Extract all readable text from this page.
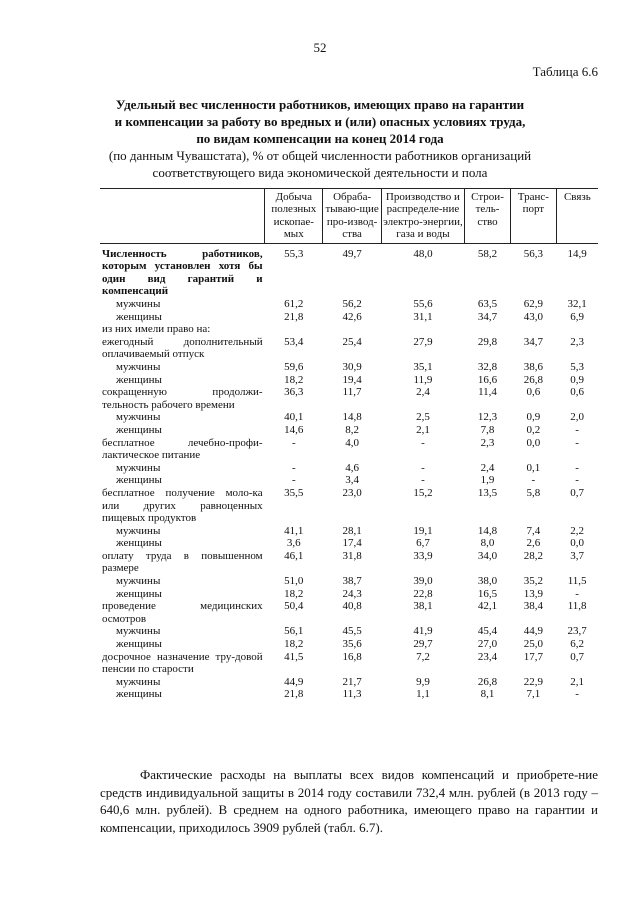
52
Таблица 6.6
Удельный вес численности работников, имеющих право на гарантии
и компенсации за работу во вредных и (или) опасных условиях труда,
по видам компенсации на конец 2014 года
(по данным Чувашстата), % от общей численности работников организаций
соответствующего вида экономической деятельности и пола
	Добыча полезных ископае-мых	Обраба-тываю-щие про-извод-ства	Производство и распределе-ние электро-энергии, газа и воды	Строи-тель-ство	Транс-порт	Связь
Численность работников, которым установлен хотя бы один вид гарантий и компенсаций	55,3	49,7	48,0	58,2	56,3	14,9
мужчины	61,2	56,2	55,6	63,5	62,9	32,1
женщины	21,8	42,6	31,1	34,7	43,0	6,9
из них имели право на:						
ежегодный дополнительный оплачиваемый отпуск	53,4	25,4	27,9	29,8	34,7	2,3
мужчины	59,6	30,9	35,1	32,8	38,6	5,3
женщины	18,2	19,4	11,9	16,6	26,8	0,9
сокращенную продолжи-тельность рабочего времени	36,3	11,7	2,4	11,4	0,6	0,6
мужчины	40,1	14,8	2,5	12,3	0,9	2,0
женщины	14,6	8,2	2,1	7,8	0,2	-
бесплатное лечебно-профи-лактическое питание	-	4,0	-	2,3	0,0	-
мужчины	-	4,6	-	2,4	0,1	-
женщины	-	3,4	-	1,9	-	-
бесплатное получение моло-ка или других равноценных пищевых продуктов	35,5	23,0	15,2	13,5	5,8	0,7
мужчины	41,1	28,1	19,1	14,8	7,4	2,2
женщины	3,6	17,4	6,7	8,0	2,6	0,0
оплату труда в повышенном размере	46,1	31,8	33,9	34,0	28,2	3,7
мужчины	51,0	38,7	39,0	38,0	35,2	11,5
женщины	18,2	24,3	22,8	16,5	13,9	-
проведение медицинских осмотров	50,4	40,8	38,1	42,1	38,4	11,8
мужчины	56,1	45,5	41,9	45,4	44,9	23,7
женщины	18,2	35,6	29,7	27,0	25,0	6,2
досрочное назначение тру-довой пенсии по старости	41,5	16,8	7,2	23,4	17,7	0,7
мужчины	44,9	21,7	9,9	26,8	22,9	2,1
женщины	21,8	11,3	1,1	8,1	7,1	-
Фактические расходы на выплаты всех видов компенсаций и приобрете-ние средств индивидуальной защиты в 2014 году составили 732,4 млн. рублей (в 2013 году – 640,6 млн. рублей). В среднем на одного работника, имеющего право на гарантии и компенсации, приходилось 3909 рублей (табл. 6.7).
